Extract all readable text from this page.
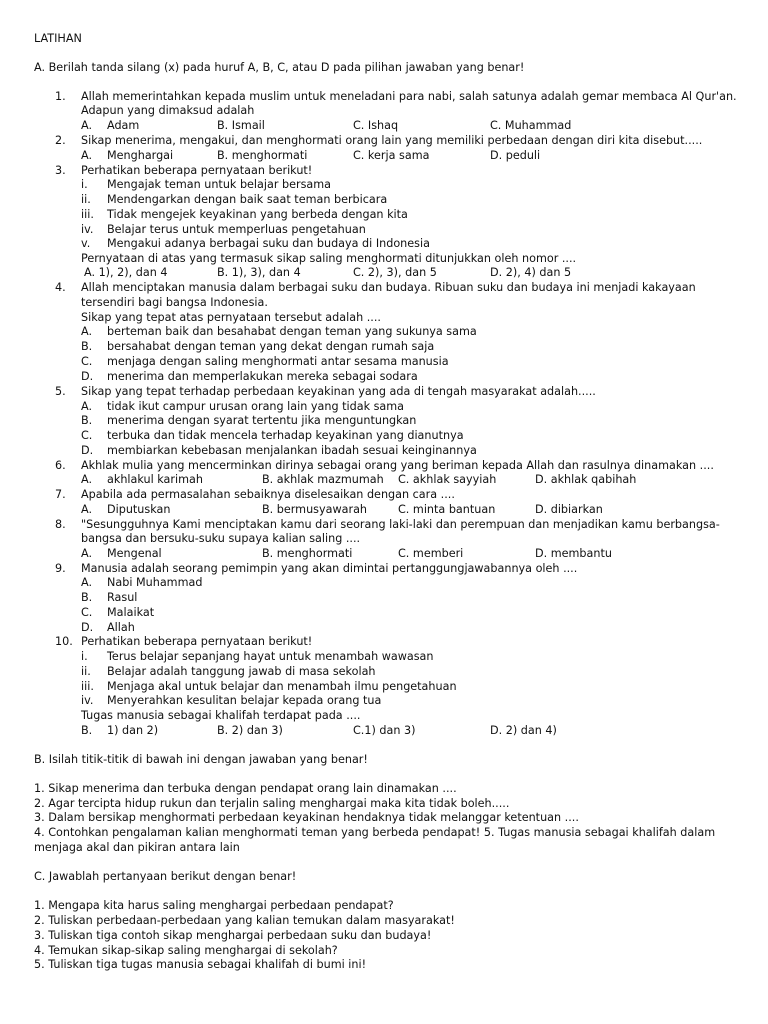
LATIHAN
A. Berilah tanda silang (x) pada huruf A, B, C, atau D pada pilihan jawaban yang benar!
1.	Allah memerintahkan kepada muslim untuk meneladani para nabi, salah satunya adalah gemar membaca Al Qur'an.
Adapun yang dimaksud adalah
A. Adam	B. Ismail	C. Ishaq	C. Muhammad
2.	Sikap menerima, mengakui, dan menghormati orang lain yang memiliki perbedaan dengan diri kita disebut.....
A. Menghargai	B. menghormati	C. kerja sama	D. peduli
3.	Perhatikan beberapa pernyataan berikut!
i.	Mengajak teman untuk belajar bersama
ii.	Mendengarkan dengan baik saat teman berbicara
iii.	Tidak mengejek keyakinan yang berbeda dengan kita
iv.	Belajar terus untuk memperluas pengetahuan
v.	Mengakui adanya berbagai suku dan budaya di Indonesia
Pernyataan di atas yang termasuk sikap saling menghormati ditunjukkan oleh nomor ....
A. 1), 2), dan 4	B. 1), 3), dan 4	C. 2), 3), dan 5	D. 2), 4) dan 5
4.	Allah menciptakan manusia dalam berbagai suku dan budaya. Ribuan suku dan budaya ini menjadi kakayaan
tersendiri bagi bangsa Indonesia.
Sikap yang tepat atas pernyataan tersebut adalah ....
A.	berteman baik dan besahabat dengan teman yang sukunya sama
B.	bersahabat dengan teman yang dekat dengan rumah saja
C.	menjaga dengan saling menghormati antar sesama manusia
D.	menerima dan memperlakukan mereka sebagai sodara
5.	Sikap yang tepat terhadap perbedaan keyakinan yang ada di tengah masyarakat adalah.....
A.	tidak ikut campur urusan orang lain yang tidak sama
B.	menerima dengan syarat tertentu jika menguntungkan
C.	terbuka dan tidak mencela terhadap keyakinan yang dianutnya
D.	membiarkan kebebasan menjalankan ibadah sesuai keinginannya
6.	Akhlak mulia yang mencerminkan dirinya sebagai orang yang beriman kepada Allah dan rasulnya dinamakan ....
A. akhlakul karimah	B. akhlak mazmumah C. akhlak sayyiah	D. akhlak qabihah
7.	Apabila ada permasalahan sebaiknya diselesaikan dengan cara ....
A. Diputuskan	B. bermusyawarah	C. minta bantuan	D. dibiarkan
8.	"Sesungguhnya Kami menciptakan kamu dari seorang laki-laki dan perempuan dan menjadikan kamu berbangsa-
bangsa dan bersuku-suku supaya kalian saling ....
A. Mengenal	B. menghormati	C. memberi	D. membantu
9.	Manusia adalah seorang pemimpin yang akan dimintai pertanggungjawabannya oleh ....
A.	Nabi Muhammad
B.	Rasul
C.	Malaikat
D.	Allah
10. Perhatikan beberapa pernyataan berikut!
i.	Terus belajar sepanjang hayat untuk menambah wawasan
ii.	Belajar adalah tanggung jawab di masa sekolah
iii.	Menjaga akal untuk belajar dan menambah ilmu pengetahuan
iv.	Menyerahkan kesulitan belajar kepada orang tua
Tugas manusia sebagai khalifah terdapat pada ....
B. 1) dan 2)	B. 2) dan 3)	C.1) dan 3)	D. 2) dan 4)
B. Isilah titik-titik di bawah ini dengan jawaban yang benar!
1. Sikap menerima dan terbuka dengan pendapat orang lain dinamakan ....
2. Agar tercipta hidup rukun dan terjalin saling menghargai maka kita tidak boleh.....
3. Dalam bersikap menghormati perbedaan keyakinan hendaknya tidak melanggar ketentuan ....
4. Contohkan pengalaman kalian menghormati teman yang berbeda pendapat! 5. Tugas manusia sebagai khalifah dalam
menjaga akal dan pikiran antara lain
C. Jawablah pertanyaan berikut dengan benar!
1. Mengapa kita harus saling menghargai perbedaan pendapat?
2. Tuliskan perbedaan-perbedaan yang kalian temukan dalam masyarakat!
3. Tuliskan tiga contoh sikap menghargai perbedaan suku dan budaya!
4. Temukan sikap-sikap saling menghargai di sekolah?
5. Tuliskan tiga tugas manusia sebagai khalifah di bumi ini!
